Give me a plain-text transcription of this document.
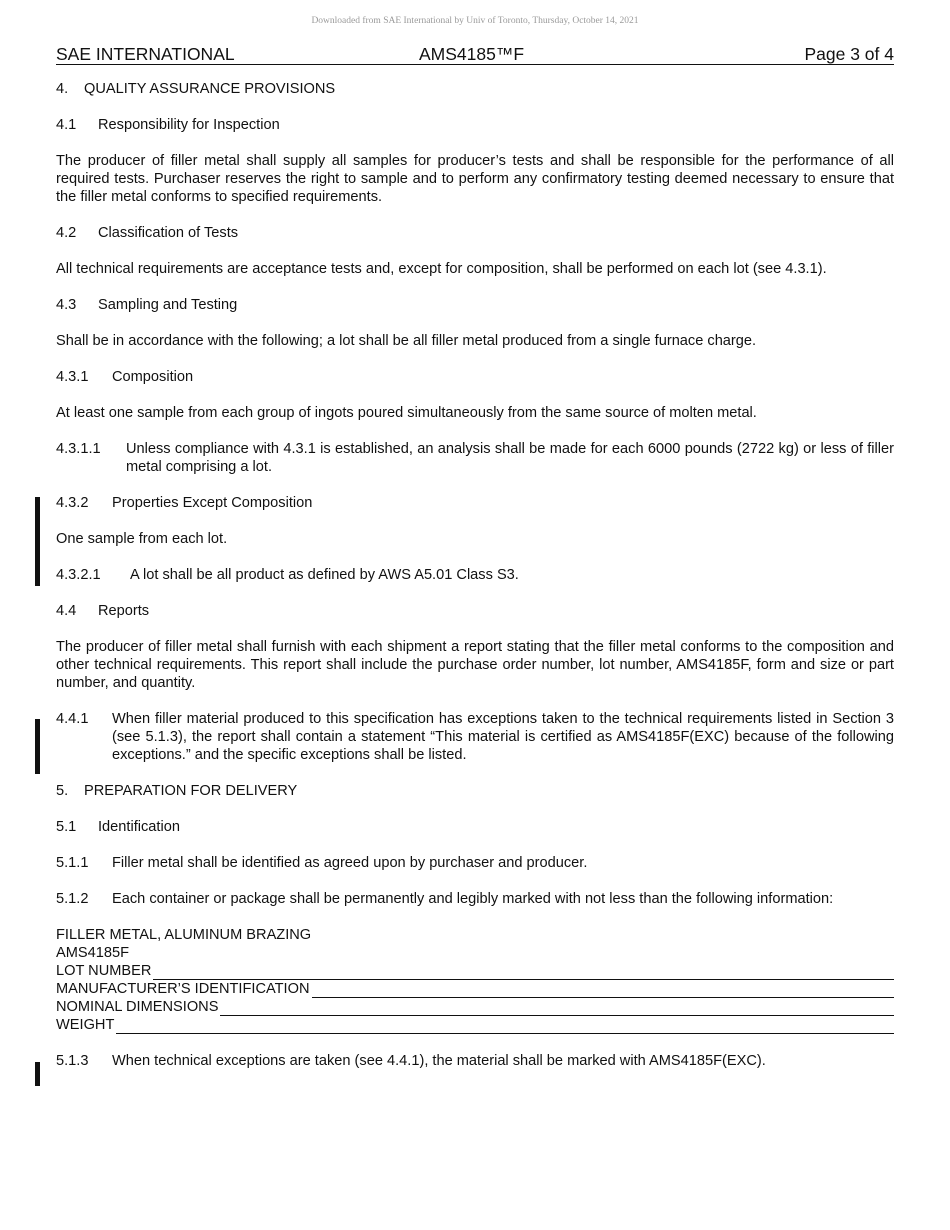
Downloaded from SAE International by Univ of Toronto, Thursday, October 14, 2021
SAE INTERNATIONAL	AMS4185™F	Page 3 of 4

4. QUALITY ASSURANCE PROVISIONS

4.1 Responsibility for Inspection

The producer of filler metal shall supply all samples for producer’s tests and shall be responsible for the performance of all required tests. Purchaser reserves the right to sample and to perform any confirmatory testing deemed necessary to ensure that the filler metal conforms to specified requirements.

4.2 Classification of Tests

All technical requirements are acceptance tests and, except for composition, shall be performed on each lot (see 4.3.1).

4.3 Sampling and Testing

Shall be in accordance with the following; a lot shall be all filler metal produced from a single furnace charge.

4.3.1 Composition

At least one sample from each group of ingots poured simultaneously from the same source of molten metal.

4.3.1.1	Unless compliance with 4.3.1 is established, an analysis shall be made for each 6000 pounds (2722 kg) or less of filler metal comprising a lot.

4.3.2 Properties Except Composition

One sample from each lot.

4.3.2.1 A lot shall be all product as defined by AWS A5.01 Class S3.

4.4 Reports

The producer of filler metal shall furnish with each shipment a report stating that the filler metal conforms to the composition and other technical requirements. This report shall include the purchase order number, lot number, AMS4185F, form and size or part number, and quantity.

4.4.1	When filler material produced to this specification has exceptions taken to the technical requirements listed in Section 3 (see 5.1.3), the report shall contain a statement “This material is certified as AMS4185F(EXC) because of the following exceptions.” and the specific exceptions shall be listed.

5. PREPARATION FOR DELIVERY

5.1 Identification

5.1.1 Filler metal shall be identified as agreed upon by purchaser and producer.

5.1.2 Each container or package shall be permanently and legibly marked with not less than the following information:

FILLER METAL, ALUMINUM BRAZING

AMS4185F

LOT NUMBER
MANUFACTURER’S IDENTIFICATION
NOMINAL DIMENSIONS
WEIGHT

5.1.3 When technical exceptions are taken (see 4.4.1), the material shall be marked with AMS4185F(EXC).
